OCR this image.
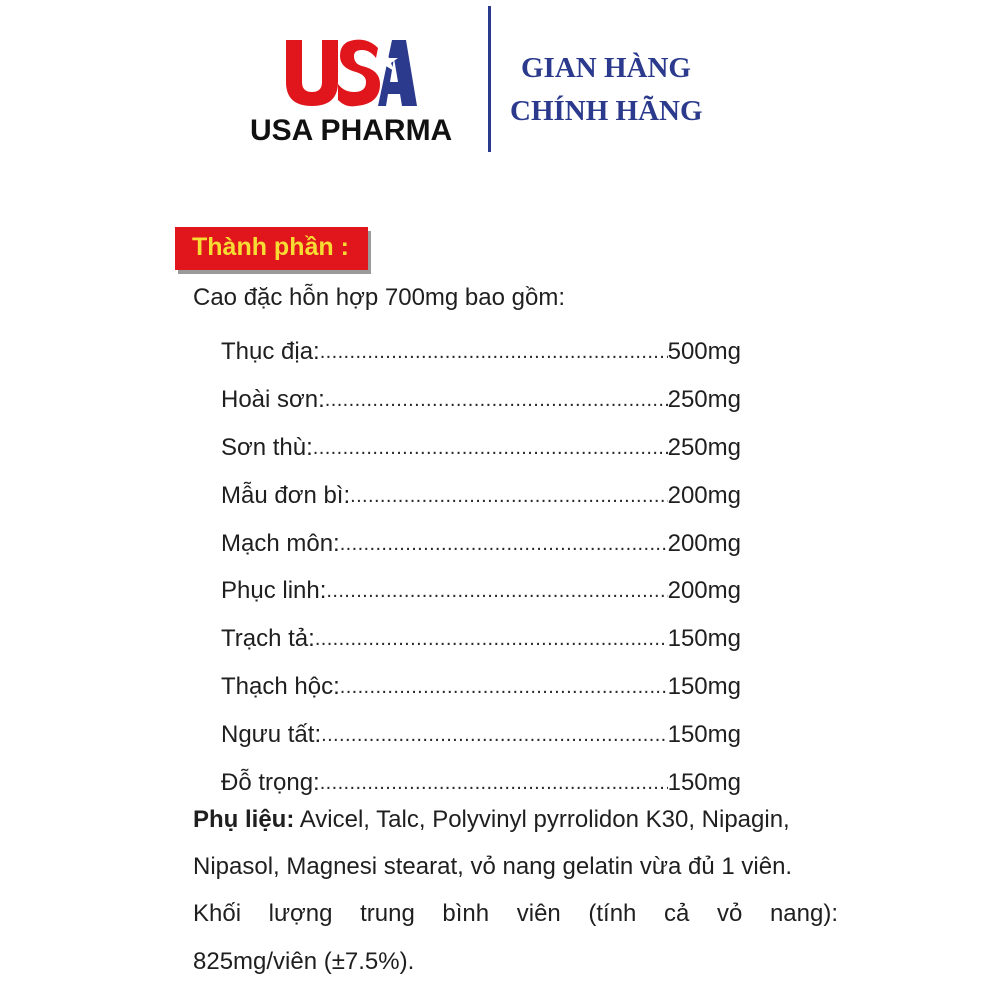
USA PHARMA
GIAN HÀNG
CHÍNH HÃNG
Thành phần :
Cao đặc hỗn hợp 700mg bao gồm:
Thục địa: .....	500mg
Hoài sơn: .....	250mg
Sơn thù: .....	250mg
Mẫu đơn bì: .....	200mg
Mạch môn: .....	200mg
Phục linh: .....	200mg
Trạch tả: .....	150mg
Thạch hộc: .....	150mg
Ngưu tất: .....	150mg
Đỗ trọng: .....	150mg
Phụ liệu: Avicel, Talc, Polyvinyl pyrrolidon K30, Nipagin,
Nipasol, Magnesi stearat, vỏ nang gelatin vừa đủ 1 viên.
Khối lượng trung bình viên (tính cả vỏ nang):
825mg/viên (±7.5%).
